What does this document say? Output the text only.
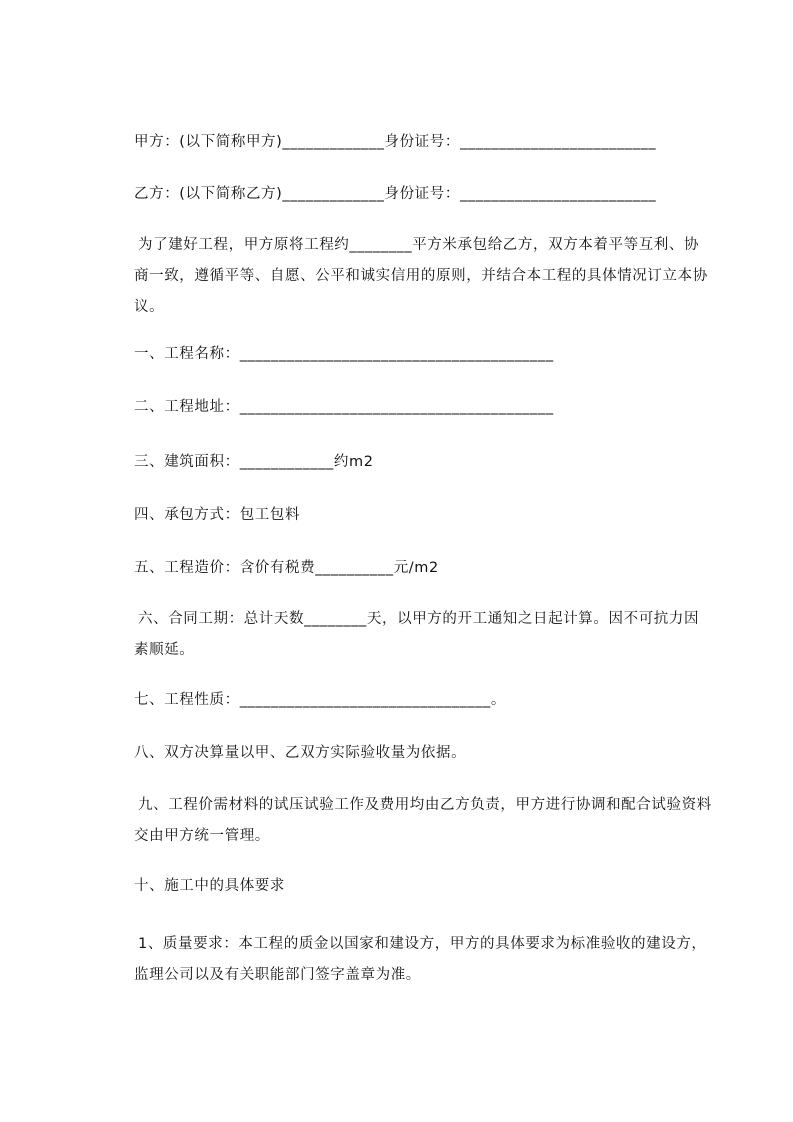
甲方：(以下简称甲方)_____________身份证号：_________________________
乙方：(以下简称乙方)_____________身份证号：_________________________
为了建好工程，甲方原将工程约________平方米承包给乙方，双方本着平等互利、协商一致，遵循平等、自愿、公平和诚实信用的原则，并结合本工程的具体情况订立本协议。
一、工程名称：________________________________________
二、工程地址：________________________________________
三、建筑面积：____________约m2
四、承包方式：包工包料
五、工程造价：含价有税费__________元/m2
六、合同工期：总计天数________天，以甲方的开工通知之日起计算。因不可抗力因素顺延。
七、工程性质：________________________________。
八、双方决算量以甲、乙双方实际验收量为依据。
九、工程价需材料的试压试验工作及费用均由乙方负责，甲方进行协调和配合试验资料交由甲方统一管理。
十、施工中的具体要求
1、质量要求：本工程的质金以国家和建设方，甲方的具体要求为标准验收的建设方，监理公司以及有关职能部门签字盖章为准。
